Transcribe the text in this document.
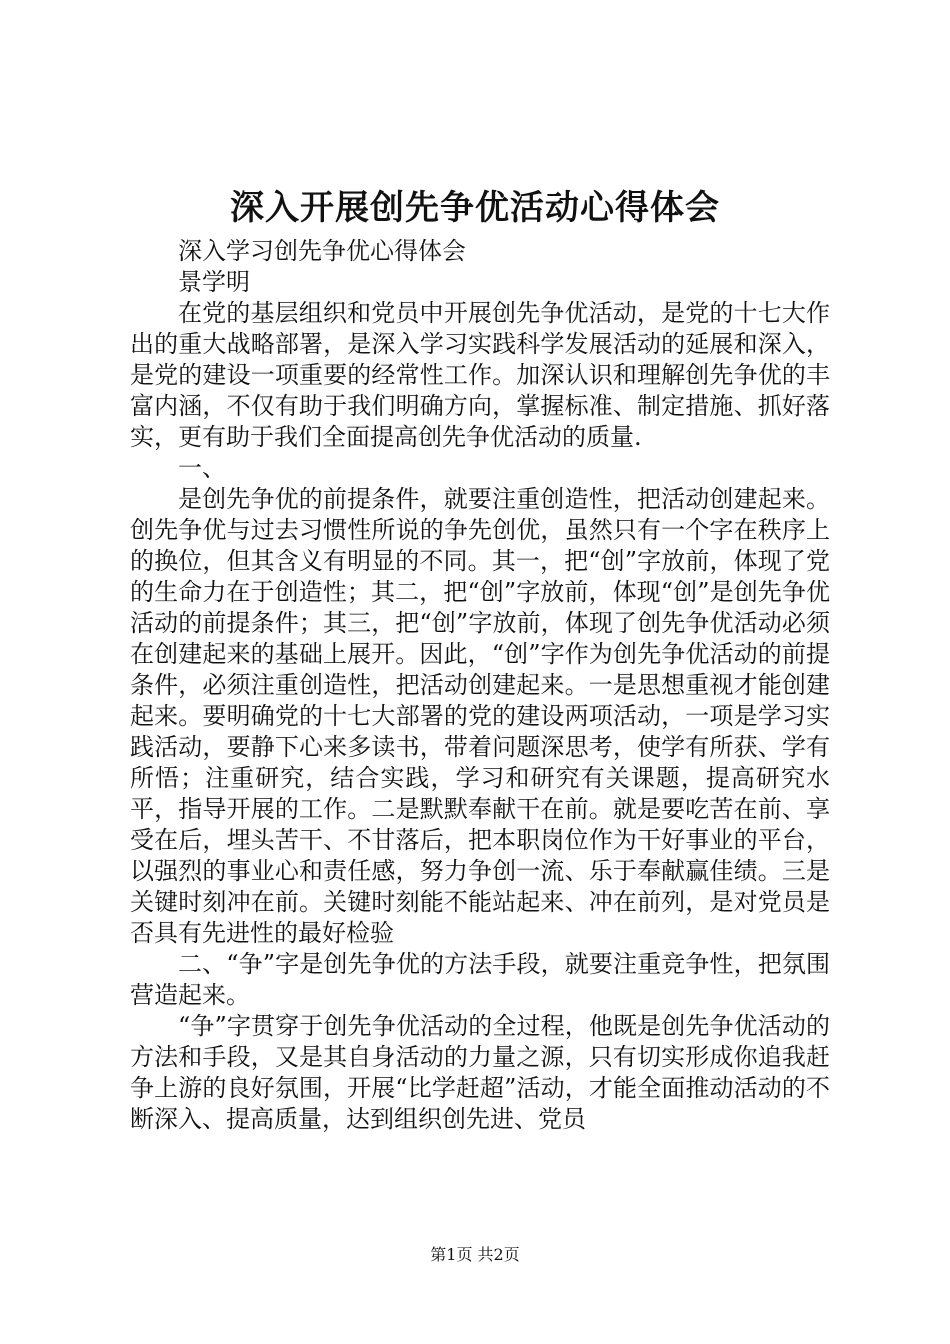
深入开展创先争优活动心得体会

深入学习创先争优心得体会

景学明

在党的基层组织和党员中开展创先争优活动，是党的十七大作出的重大战略部署，是深入学习实践科学发展活动的延展和深入，是党的建设一项重要的经常性工作。加深认识和理解创先争优的丰富内涵，不仅有助于我们明确方向，掌握标准、制定措施、抓好落实，更有助于我们全面提高创先争优活动的质量.

一、

是创先争优的前提条件，就要注重创造性，把活动创建起来。创先争优与过去习惯性所说的争先创优，虽然只有一个字在秩序上的换位，但其含义有明显的不同。其一，把“创”字放前，体现了党的生命力在于创造性；其二，把“创”字放前，体现“创”是创先争优活动的前提条件；其三，把“创”字放前，体现了创先争优活动必须在创建起来的基础上展开。因此，“创”字作为创先争优活动的前提条件，必须注重创造性，把活动创建起来。一是思想重视才能创建起来。要明确党的十七大部署的党的建设两项活动，一项是学习实践活动，要静下心来多读书，带着问题深思考，使学有所获、学有所悟；注重研究，结合实践，学习和研究有关课题，提高研究水平，指导开展的工作。二是默默奉献干在前。就是要吃苦在前、享受在后，埋头苦干、不甘落后，把本职岗位作为干好事业的平台，以强烈的事业心和责任感，努力争创一流、乐于奉献赢佳绩。三是关键时刻冲在前。关键时刻能不能站起来、冲在前列，是对党员是否具有先进性的最好检验

二、“争”字是创先争优的方法手段，就要注重竞争性，把氛围营造起来。

“争”字贯穿于创先争优活动的全过程，他既是创先争优活动的方法和手段，又是其自身活动的力量之源，只有切实形成你追我赶争上游的良好氛围，开展“比学赶超”活动，才能全面推动活动的不断深入、提高质量，达到组织创先进、党员

第1页 共2页
